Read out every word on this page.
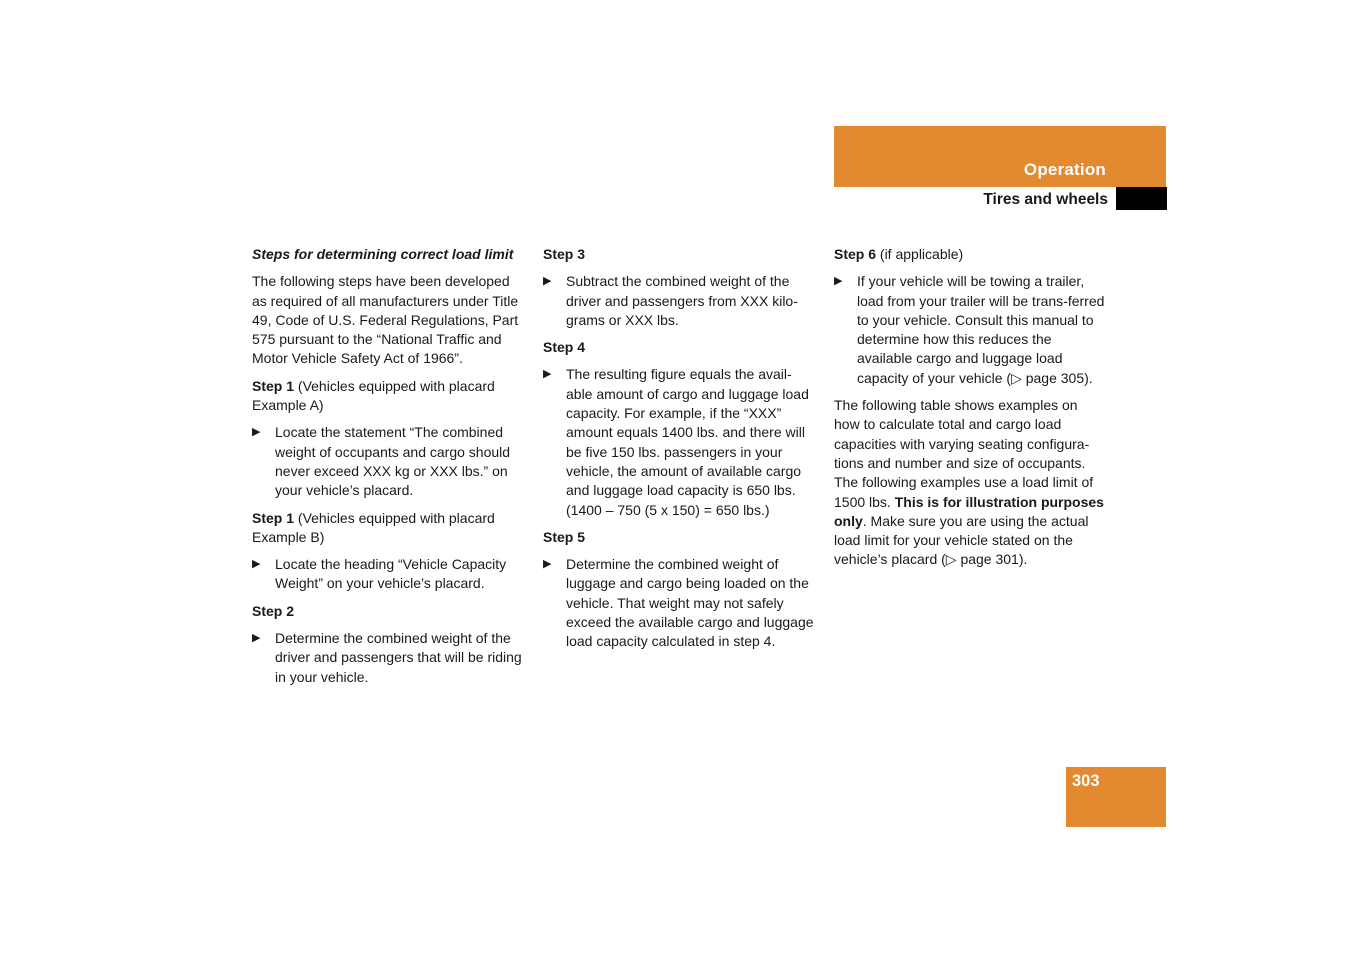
Operation
Tires and wheels

Steps for determining correct load limit

The following steps have been developed as required of all manufacturers under Title 49, Code of U.S. Federal Regulations, Part 575 pursuant to the “National Traffic and Motor Vehicle Safety Act of 1966”.

Step 1 (Vehicles equipped with placard Example A)

▶ Locate the statement “The combined weight of occupants and cargo should never exceed XXX kg or XXX lbs.” on your vehicle’s placard.

Step 1 (Vehicles equipped with placard Example B)

▶ Locate the heading “Vehicle Capacity Weight” on your vehicle’s placard.

Step 2

▶ Determine the combined weight of the driver and passengers that will be riding in your vehicle.

Step 3

▶ Subtract the combined weight of the driver and passengers from XXX kilo-grams or XXX lbs.

Step 4

▶ The resulting figure equals the avail-able amount of cargo and luggage load capacity. For example, if the “XXX” amount equals 1400 lbs. and there will be five 150 lbs. passengers in your vehicle, the amount of available cargo and luggage load capacity is 650 lbs. (1400 – 750 (5 x 150) = 650 lbs.)

Step 5

▶ Determine the combined weight of luggage and cargo being loaded on the vehicle. That weight may not safely exceed the available cargo and luggage load capacity calculated in step 4.

Step 6 (if applicable)

▶ If your vehicle will be towing a trailer, load from your trailer will be trans-ferred to your vehicle. Consult this manual to determine how this reduces the available cargo and luggage load capacity of your vehicle (▷ page 305).

The following table shows examples on how to calculate total and cargo load capacities with varying seating configura-tions and number and size of occupants. The following examples use a load limit of 1500 lbs. This is for illustration purposes only. Make sure you are using the actual load limit for your vehicle stated on the vehicle’s placard (▷ page 301).

303
